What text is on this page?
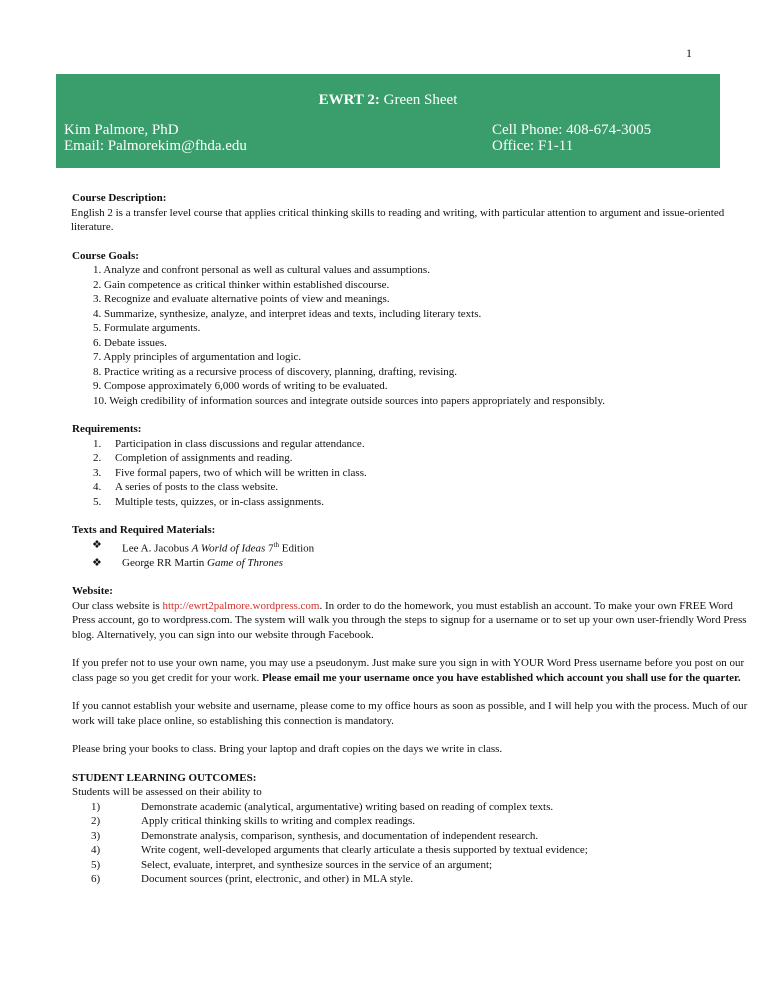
1
EWRT 2: Green Sheet
Kim Palmore, PhD
Email: Palmorekim@fhda.edu
Cell Phone: 408-674-3005
Office: F1-11

Course Description:

English 2 is a transfer level course that applies critical thinking skills to reading and writing, with particular attention to argument and issue-oriented literature.

Course Goals:

1. Analyze and confront personal as well as cultural values and assumptions.
2. Gain competence as critical thinker within established discourse.
3. Recognize and evaluate alternative points of view and meanings.
4. Summarize, synthesize, analyze, and interpret ideas and texts, including literary texts.
5. Formulate arguments.
6. Debate issues.
7. Apply principles of argumentation and logic.
8. Practice writing as a recursive process of discovery, planning, drafting, revising.
9. Compose approximately 6,000 words of writing to be evaluated.
10. Weigh credibility of information sources and integrate outside sources into papers appropriately and responsibly.

Requirements:

1.	Participation in class discussions and regular attendance.
2.	Completion of assignments and reading.
3.	Five formal papers, two of which will be written in class.
4.	A series of posts to the class website.
5.	Multiple tests, quizzes, or in-class assignments.

Texts and Required Materials:

❖	Lee A. Jacobus A World of Ideas 7th Edition
❖	George RR Martin Game of Thrones

Website:

Our class website is http://ewrt2palmore.wordpress.com. In order to do the homework, you must establish an account. To make your own FREE Word Press account, go to wordpress.com. The system will walk you through the steps to signup for a username or to set up your own user-friendly Word Press blog. Alternatively, you can sign into our website through Facebook.

If you prefer not to use your own name, you may use a pseudonym. Just make sure you sign in with YOUR Word Press username before you post on our class page so you get credit for your work. Please email me your username once you have established which account you shall use for the quarter.

If you cannot establish your website and username, please come to my office hours as soon as possible, and I will help you with the process. Much of our work will take place online, so establishing this connection is mandatory.

Please bring your books to class. Bring your laptop and draft copies on the days we write in class.

STUDENT LEARNING OUTCOMES:

Students will be assessed on their ability to

1)	Demonstrate academic (analytical, argumentative) writing based on reading of complex texts.
2)	Apply critical thinking skills to writing and complex readings.
3)	Demonstrate analysis, comparison, synthesis, and documentation of independent research.
4)	Write cogent, well-developed arguments that clearly articulate a thesis supported by textual evidence;
5)	Select, evaluate, interpret, and synthesize sources in the service of an argument;
6)	Document sources (print, electronic, and other) in MLA style.
